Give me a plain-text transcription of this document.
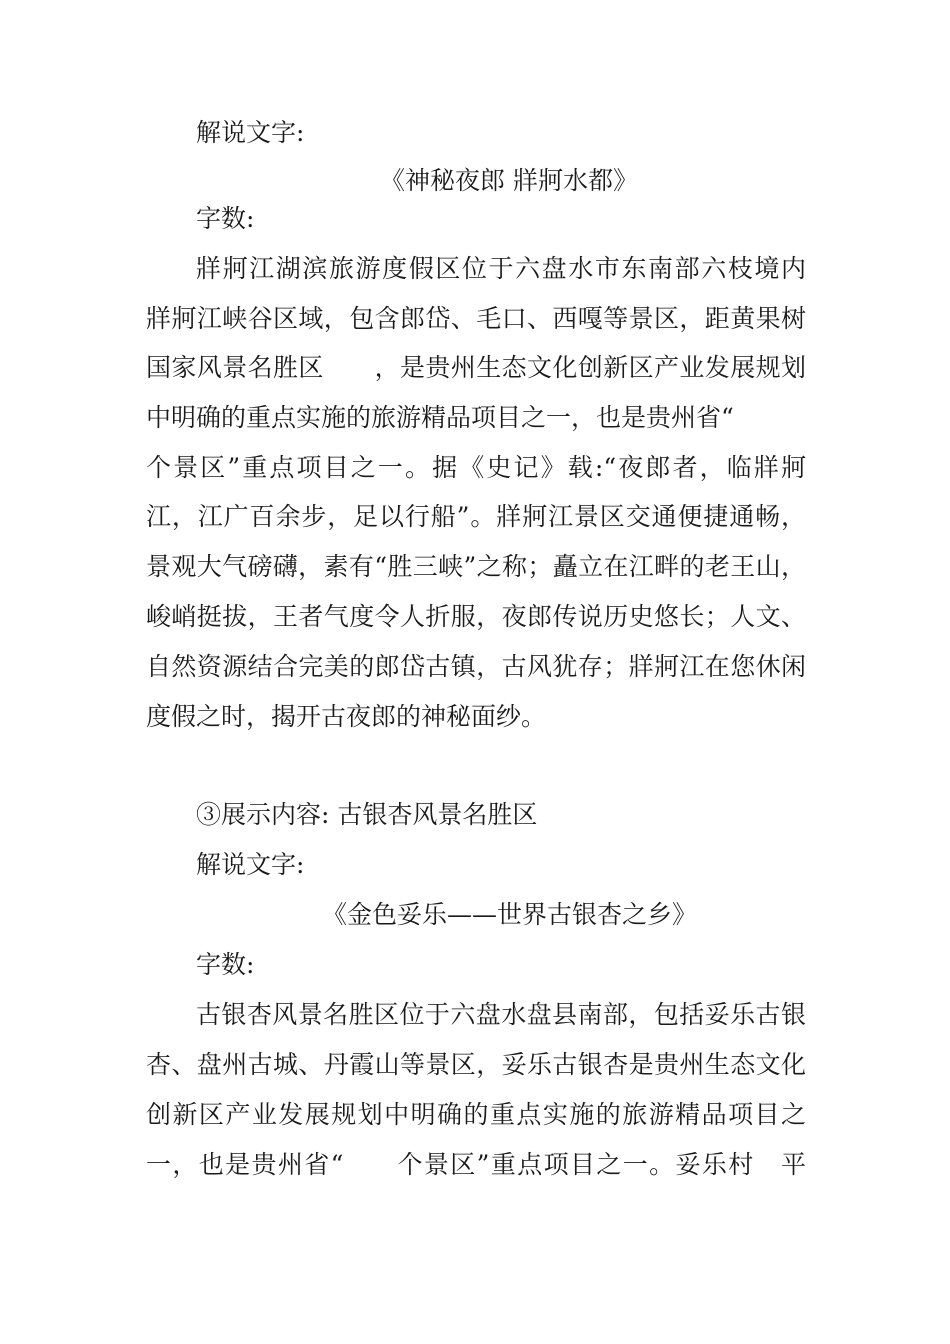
解说文字:
《神秘夜郎 牂牁水都》
字数:
牂牁江湖滨旅游度假区位于六盘水市东南部六枝境内
牂牁江峡谷区域，包含郎岱、毛口、西嘎等景区，距黄果树
国家风景名胜区　　，是贵州生态文化创新区产业发展规划
中明确的重点实施的旅游精品项目之一，也是贵州省“
个景区”重点项目之一。据《史记》载:“夜郎者，临牂牁
江，江广百余步，足以行船”。牂牁江景区交通便捷通畅，
景观大气磅礴，素有“胜三峡”之称；矗立在江畔的老王山，
峻峭挺拔，王者气度令人折服，夜郎传说历史悠长；人文、
自然资源结合完美的郎岱古镇，古风犹存；牂牁江在您休闲
度假之时，揭开古夜郎的神秘面纱。
③展示内容: 古银杏风景名胜区
解说文字:
《金色妥乐——世界古银杏之乡》
字数:
古银杏风景名胜区位于六盘水盘县南部，包括妥乐古银
杏、盘州古城、丹霞山等景区，妥乐古银杏是贵州生态文化
创新区产业发展规划中明确的重点实施的旅游精品项目之
一，也是贵州省“　　个景区”重点项目之一。妥乐村　平
